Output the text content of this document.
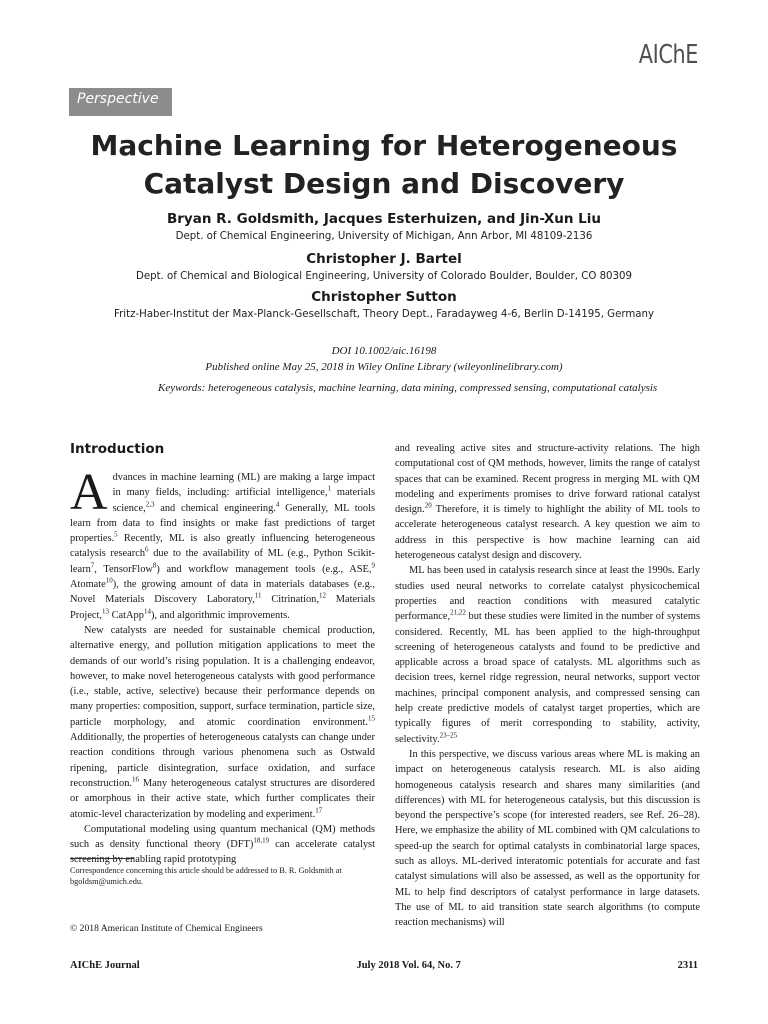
AIChE
Perspective
Machine Learning for Heterogeneous
Catalyst Design and Discovery
Bryan R. Goldsmith, Jacques Esterhuizen, and Jin-Xun Liu
Dept. of Chemical Engineering, University of Michigan, Ann Arbor, MI 48109-2136
Christopher J. Bartel
Dept. of Chemical and Biological Engineering, University of Colorado Boulder, Boulder, CO 80309
Christopher Sutton
Fritz-Haber-Institut der Max-Planck-Gesellschaft, Theory Dept., Faradayweg 4-6, Berlin D-14195, Germany
DOI 10.1002/aic.16198
Published online May 25, 2018 in Wiley Online Library (wileyonlinelibrary.com)
Keywords: heterogeneous catalysis, machine learning, data mining, compressed sensing, computational catalysis
Introduction

Advances in machine learning (ML) are making a large impact in many fields, including: artificial intelligence,$^1$ materials science,$^{2,3}$ and chemical engineering.$^4$ Generally, ML tools learn from data to find insights or make fast predictions of target properties.$^5$ Recently, ML is also greatly influencing heterogeneous catalysis research$^6$ due to the availability of ML (e.g., Python Scikit-learn$^7$, TensorFlow$^8$) and workflow management tools (e.g., ASE,$^9$ Atomate$^{10}$), the growing amount of data in materials databases (e.g., Novel Materials Discovery Laboratory,$^{11}$ Citrination,$^{12}$ Materials Project,$^{13}$ CatApp$^{14}$), and algorithmic improvements.

New catalysts are needed for sustainable chemical production, alternative energy, and pollution mitigation applications to meet the demands of our world’s rising population. It is a challenging endeavor, however, to make novel heterogeneous catalysts with good performance (i.e., stable, active, selective) because their performance depends on many properties: composition, support, surface termination, particle size, particle morphology, and atomic coordination environment.$^{15}$ Additionally, the properties of heterogeneous catalysts can change under reaction conditions through various phenomena such as Ostwald ripening, particle disintegration, surface oxidation, and surface reconstruction.$^{16}$ Many heterogeneous catalyst structures are disordered or amorphous in their active state, which further complicates their atomic-level characterization by modeling and experiment.$^{17}$

Computational modeling using quantum mechanical (QM) methods such as density functional theory (DFT)$^{18,19}$ can accelerate catalyst screening by enabling rapid prototyping

Correspondence concerning this article should be addressed to B. R. Goldsmith at bgoldsm@umich.edu.
© 2018 American Institute of Chemical Engineers

and revealing active sites and structure-activity relations. The high computational cost of QM methods, however, limits the range of catalyst spaces that can be examined. Recent progress in merging ML with QM modeling and experiments promises to drive forward rational catalyst design.$^{20}$ Therefore, it is timely to highlight the ability of ML tools to accelerate heterogeneous catalyst research. A key question we aim to address in this perspective is how machine learning can aid heterogeneous catalyst design and discovery.

ML has been used in catalysis research since at least the 1990s. Early studies used neural networks to correlate catalyst physicochemical properties and reaction conditions with measured catalytic performance,$^{21,22}$ but these studies were limited in the number of systems considered. Recently, ML has been applied to the high-throughput screening of heterogeneous catalysts and found to be predictive and applicable across a broad space of catalysts. ML algorithms such as decision trees, kernel ridge regression, neural networks, support vector machines, principal component analysis, and compressed sensing can help create predictive models of catalyst target properties, which are typically figures of merit corresponding to stability, activity, selectivity.$^{23-25}$

In this perspective, we discuss various areas where ML is making an impact on heterogeneous catalysis research. ML is also aiding homogeneous catalysis research and shares many similarities (and differences) with ML for heterogeneous catalysis, but this discussion is beyond the perspective’s scope (for interested readers, see Ref. 26–28). Here, we emphasize the ability of ML combined with QM calculations to speed-up the search for optimal catalysts in combinatorial large spaces, such as alloys. ML-derived interatomic potentials for accurate and fast catalyst simulations will also be assessed, as well as the opportunity for ML to help find descriptors of catalyst performance in large datasets. The use of ML to aid transition state search algorithms (to compute reaction mechanisms) will

AIChE Journal	July 2018 Vol. 64, No. 7	2311
